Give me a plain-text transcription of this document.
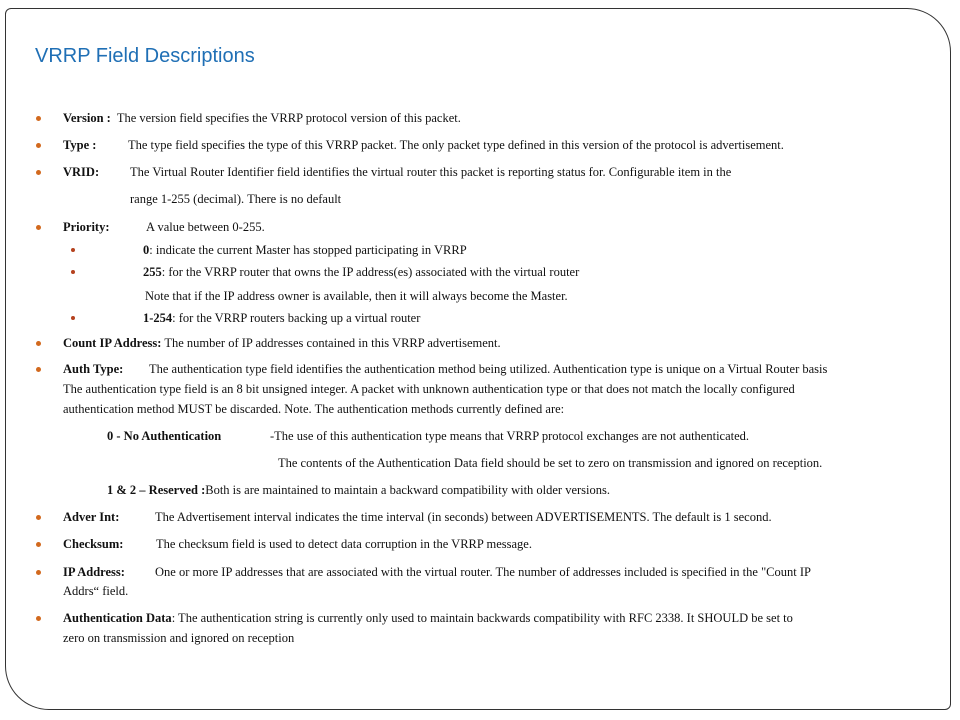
VRRP Field Descriptions
Version : The version field specifies the VRRP protocol version of this packet.
Type :	The type field specifies the type of this VRRP packet. The only packet type defined in this version of the protocol is advertisement.
VRID: The Virtual Router Identifier field identifies the virtual router this packet is reporting status for. Configurable item in the
range 1-255 (decimal). There is no default
Priority:	A value between 0-255.
0: indicate the current Master has stopped participating in VRRP
255: for the VRRP router that owns the IP address(es) associated with the virtual router
Note that if the IP address owner is available, then it will always become the Master.
1-254: for the VRRP routers backing up a virtual router
Count IP Address: The number of IP addresses contained in this VRRP advertisement.
Auth Type: The authentication type field identifies the authentication method being utilized. Authentication type is unique on a Virtual Router basis
The authentication type field is an 8 bit unsigned integer. A packet with unknown authentication type or that does not match the locally configured
authentication method MUST be discarded. Note. The authentication methods currently defined are:
0 - No Authentication	-The use of this authentication type means that VRRP protocol exchanges are not authenticated.
The contents of the Authentication Data field should be set to zero on transmission and ignored on reception.
1 & 2 – Reserved :Both is are maintained to maintain a backward compatibility with older versions.
Adver Int:	The Advertisement interval indicates the time interval (in seconds) between ADVERTISEMENTS. The default is 1 second.
Checksum:	The checksum field is used to detect data corruption in the VRRP message.
IP Address: One or more IP addresses that are associated with the virtual router. The number of addresses included is specified in the "Count IP
Addrs“ field.
Authentication Data: The authentication string is currently only used to maintain backwards compatibility with RFC 2338. It SHOULD be set to
zero on transmission and ignored on reception
